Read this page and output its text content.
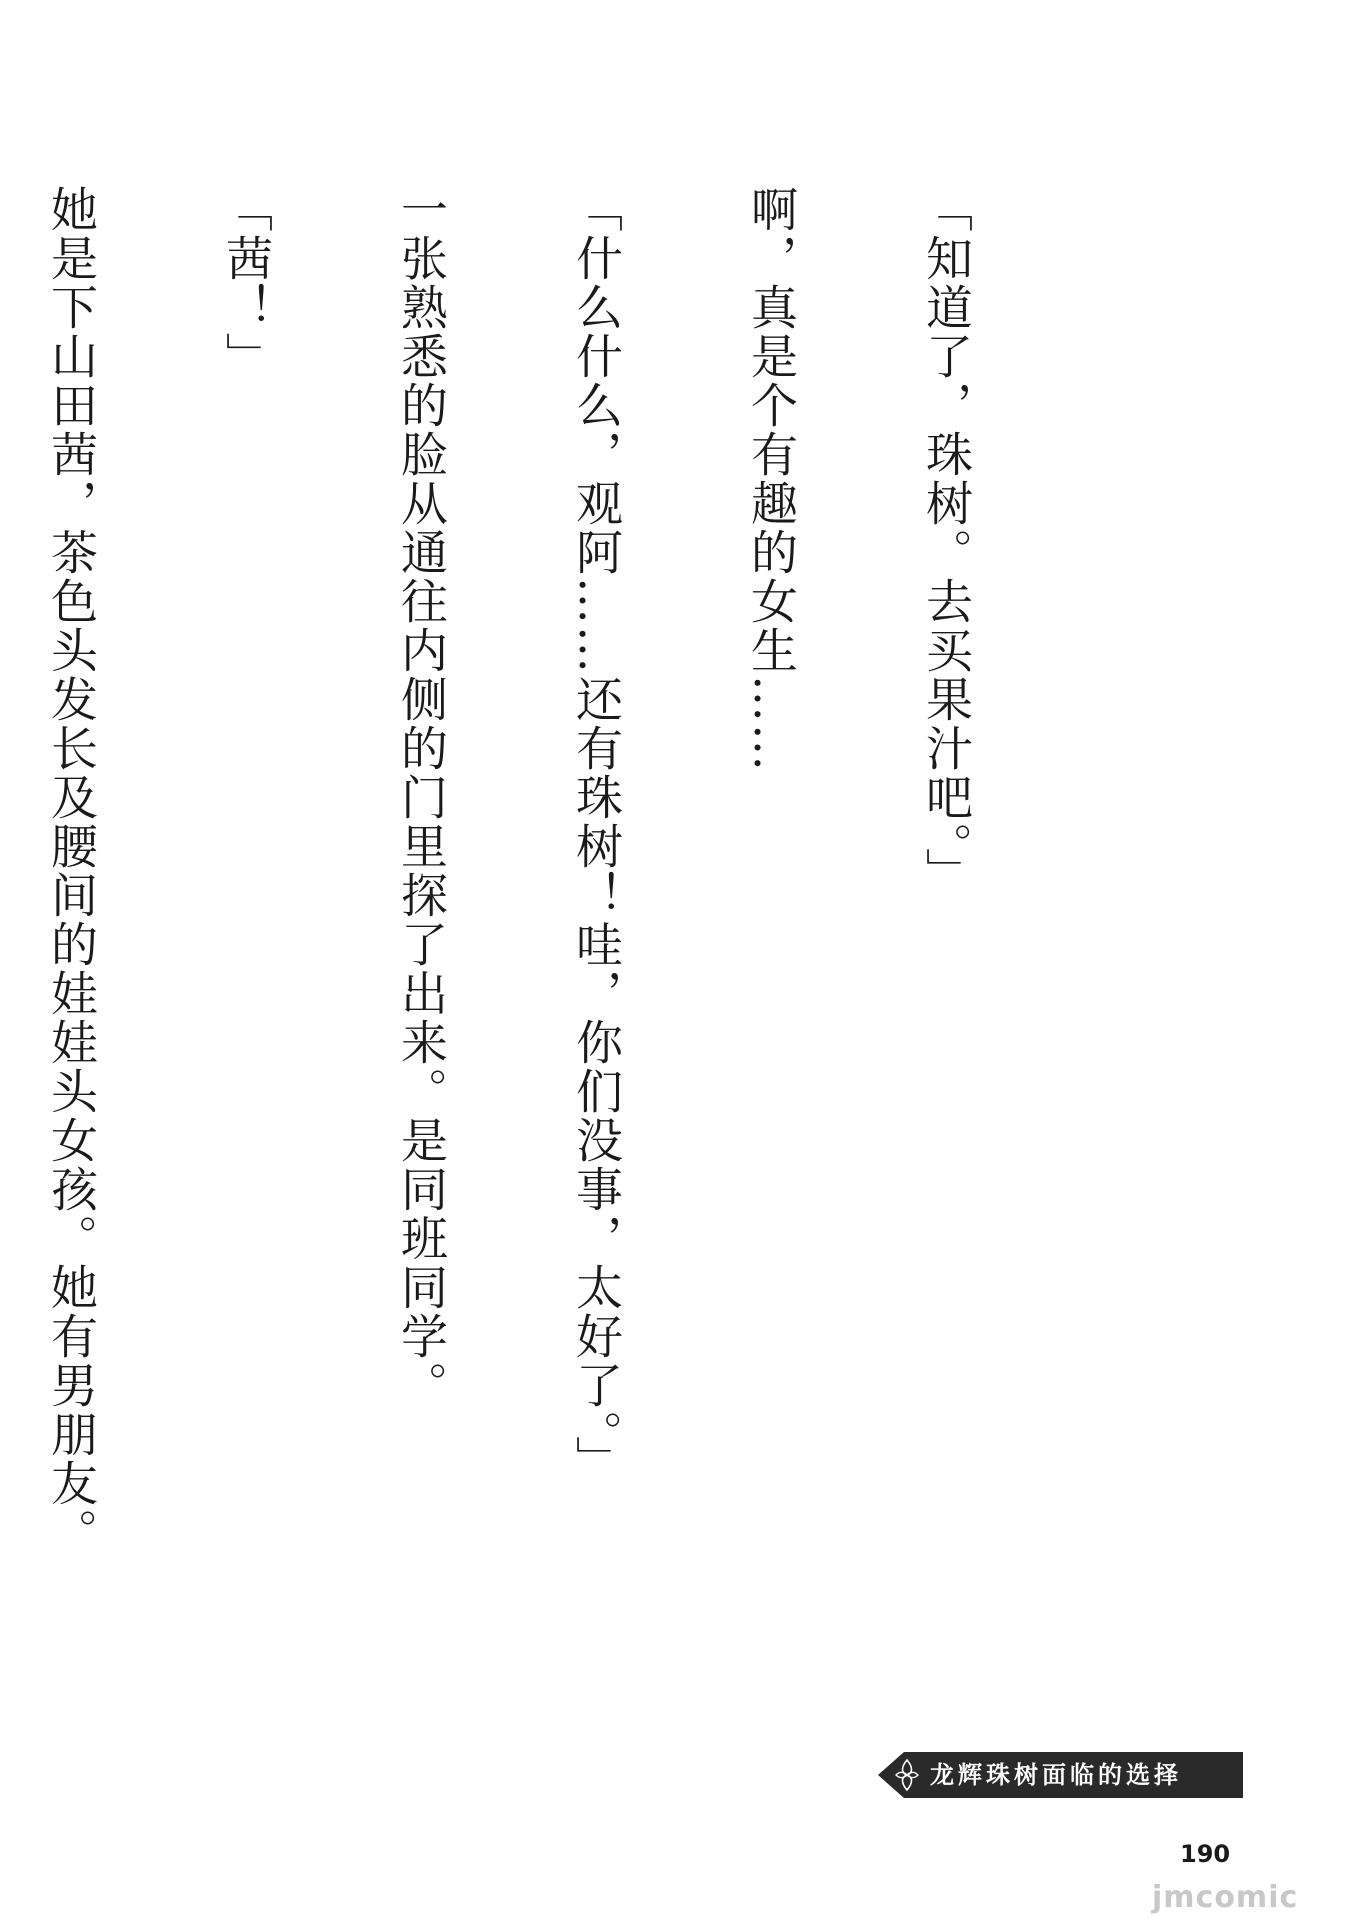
「知道了，珠树。去买果汁吧。」

啊，真是个有趣的女生……

「什么什么，观阿……还有珠树！哇，你们没事，太好了。」

一张熟悉的脸从通往内侧的门里探了出来。是同班同学。

「茜！」

她是下山田茜，茶色头发长及腰间的娃娃头女孩。她有男朋友。

龙辉珠树面临的选择
190
jmcomic
